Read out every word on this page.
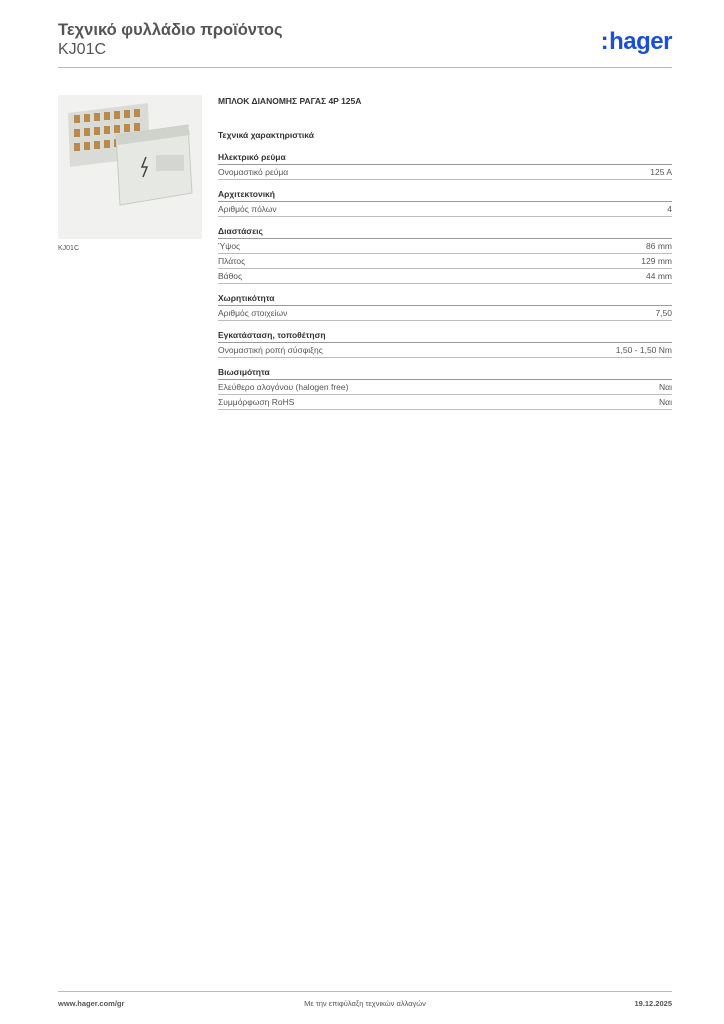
Τεχνικό φυλλάδιο προϊόντος
KJ01C	:hager
KJ01C
ΜΠΛΟΚ ΔΙΑΝΟΜΗΣ ΡΑΓΑΣ 4P 125A
Τεχνικά χαρακτηριστικά
Ηλεκτρικό ρεύμα
Ονομαστικό ρεύμα	125 A
Αρχιτεκτονική
Αριθμός πόλων	4
Διαστάσεις
Ύψος	86 mm
Πλάτος	129 mm
Βάθος	44 mm
Χωρητικότητα
Αριθμός στοιχείων	7,50
Εγκατάσταση, τοποθέτηση
Ονομαστική ροπή σύσφιξης	1,50 - 1,50 Nm
Βιωσιμότητα
Ελεύθερο αλογόνου (halogen free)	Ναι
Συμμόρφωση RoHS	Ναι
www.hager.com/gr	Με την επιφύλαξη τεχνικών αλλαγών	19.12.2025
